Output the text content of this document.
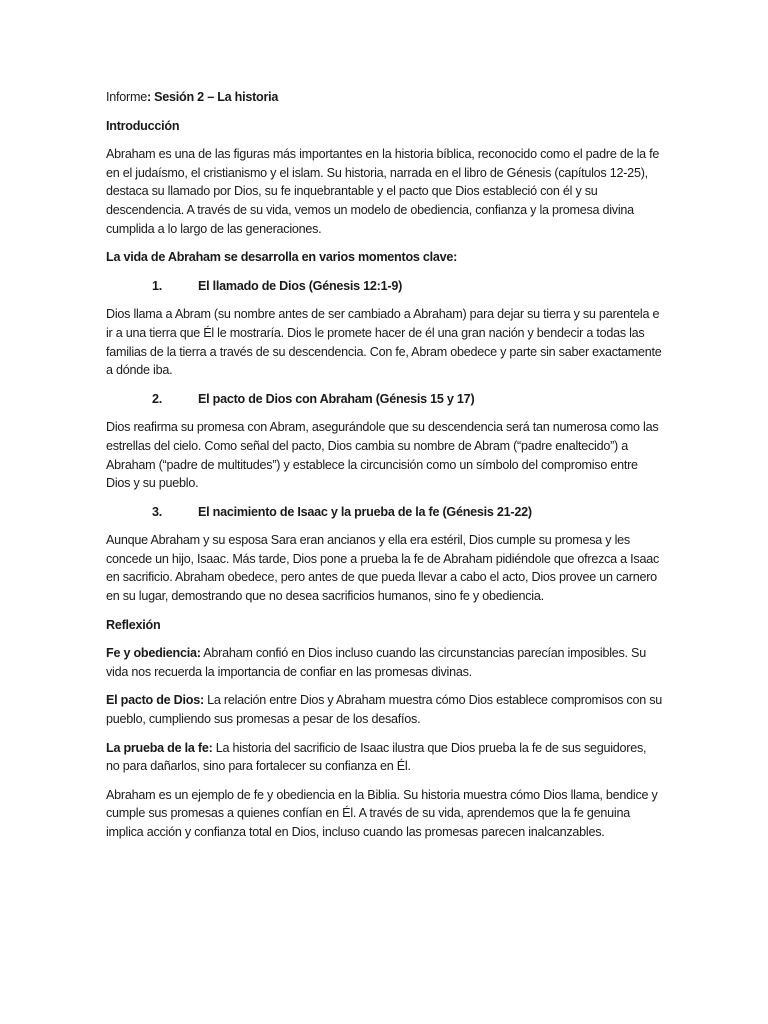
Informe: Sesión 2 – La historia

Introducción

Abraham es una de las figuras más importantes en la historia bíblica, reconocido como el padre de la fe en el judaísmo, el cristianismo y el islam. Su historia, narrada en el libro de Génesis (capítulos 12-25), destaca su llamado por Dios, su fe inquebrantable y el pacto que Dios estableció con él y su descendencia. A través de su vida, vemos un modelo de obediencia, confianza y la promesa divina cumplida a lo largo de las generaciones.

La vida de Abraham se desarrolla en varios momentos clave:

1.	El llamado de Dios (Génesis 12:1-9)

Dios llama a Abram (su nombre antes de ser cambiado a Abraham) para dejar su tierra y su parentela e ir a una tierra que Él le mostraría. Dios le promete hacer de él una gran nación y bendecir a todas las familias de la tierra a través de su descendencia. Con fe, Abram obedece y parte sin saber exactamente a dónde iba.

2.	El pacto de Dios con Abraham (Génesis 15 y 17)

Dios reafirma su promesa con Abram, asegurándole que su descendencia será tan numerosa como las estrellas del cielo. Como señal del pacto, Dios cambia su nombre de Abram (“padre enaltecido”) a Abraham (“padre de multitudes”) y establece la circuncisión como un símbolo del compromiso entre Dios y su pueblo.

3.	El nacimiento de Isaac y la prueba de la fe (Génesis 21-22)

Aunque Abraham y su esposa Sara eran ancianos y ella era estéril, Dios cumple su promesa y les concede un hijo, Isaac. Más tarde, Dios pone a prueba la fe de Abraham pidiéndole que ofrezca a Isaac en sacrificio. Abraham obedece, pero antes de que pueda llevar a cabo el acto, Dios provee un carnero en su lugar, demostrando que no desea sacrificios humanos, sino fe y obediencia.

Reflexión

Fe y obediencia: Abraham confió en Dios incluso cuando las circunstancias parecían imposibles. Su vida nos recuerda la importancia de confiar en las promesas divinas.

El pacto de Dios: La relación entre Dios y Abraham muestra cómo Dios establece compromisos con su pueblo, cumpliendo sus promesas a pesar de los desafíos.

La prueba de la fe: La historia del sacrificio de Isaac ilustra que Dios prueba la fe de sus seguidores, no para dañarlos, sino para fortalecer su confianza en Él.

Abraham es un ejemplo de fe y obediencia en la Biblia. Su historia muestra cómo Dios llama, bendice y cumple sus promesas a quienes confían en Él. A través de su vida, aprendemos que la fe genuina implica acción y confianza total en Dios, incluso cuando las promesas parecen inalcanzables.
